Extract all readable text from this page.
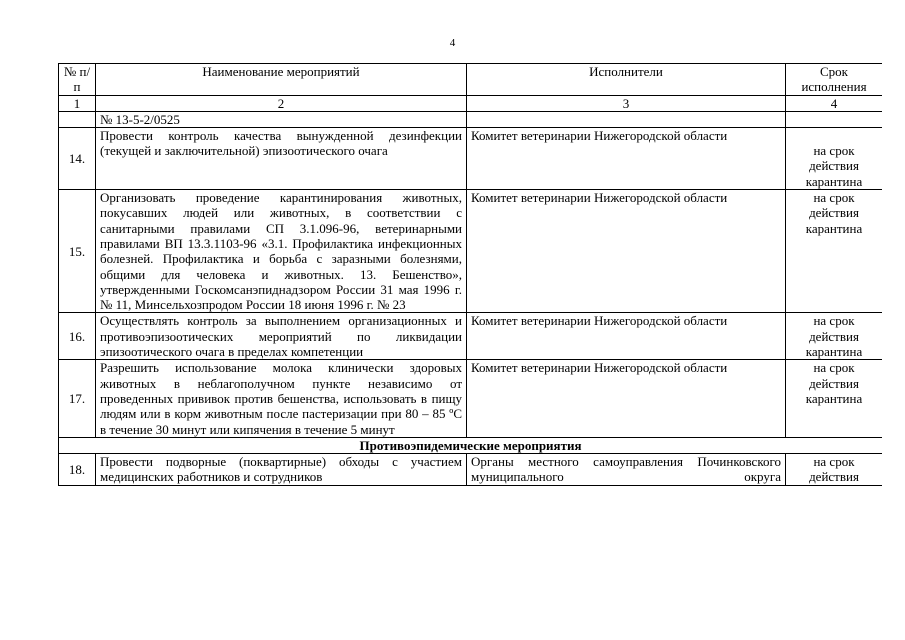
4
№ п/п	Наименование мероприятий	Исполнители	Срок исполнения
1	2	3	4
	№ 13-5-2/0525		
14.	Провести контроль качества вынужденной дезинфекции (текущей и заключительной) эпизоотического очага	Комитет ветеринарии Нижегородской области	на срок действия карантина

15.	Организовать проведение карантинирования животных, покусавших людей или животных, в соответствии с санитарными правилами СП 3.1.096-96, ветеринарными правилами ВП 13.3.1103-96 «3.1. Профилактика инфекционных болезней. Профилактика и борьба с заразными болезнями, общими для человека и животных. 13. Бешенство», утвержденными Госкомсанэпиднадзором России 31 мая 1996 г. № 11, Минсельхозпродом России 18 июня 1996 г. № 23	Комитет ветеринарии Нижегородской области	на срок действия карантина
16.	Осуществлять контроль за выполнением организационных и противоэпизоотических мероприятий по ликвидации эпизоотического очага в пределах компетенции	Комитет ветеринарии Нижегородской области	на срок действия карантина
17.	Разрешить использование молока клинически здоровых животных в неблагополучном пункте независимо от проведенных прививок против бешенства, использовать в пищу людям или в корм животным после пастеризации при 80 – 85 ºС в течение 30 минут или кипячения в течение 5 минут	Комитет ветеринарии Нижегородской области	на срок действия карантина
Противоэпидемические мероприятия			
18.	Провести подворные (поквартирные) обходы с участием медицинских работников и сотрудников	Органы местного самоуправления Починковского муниципального округа	на срок действия
